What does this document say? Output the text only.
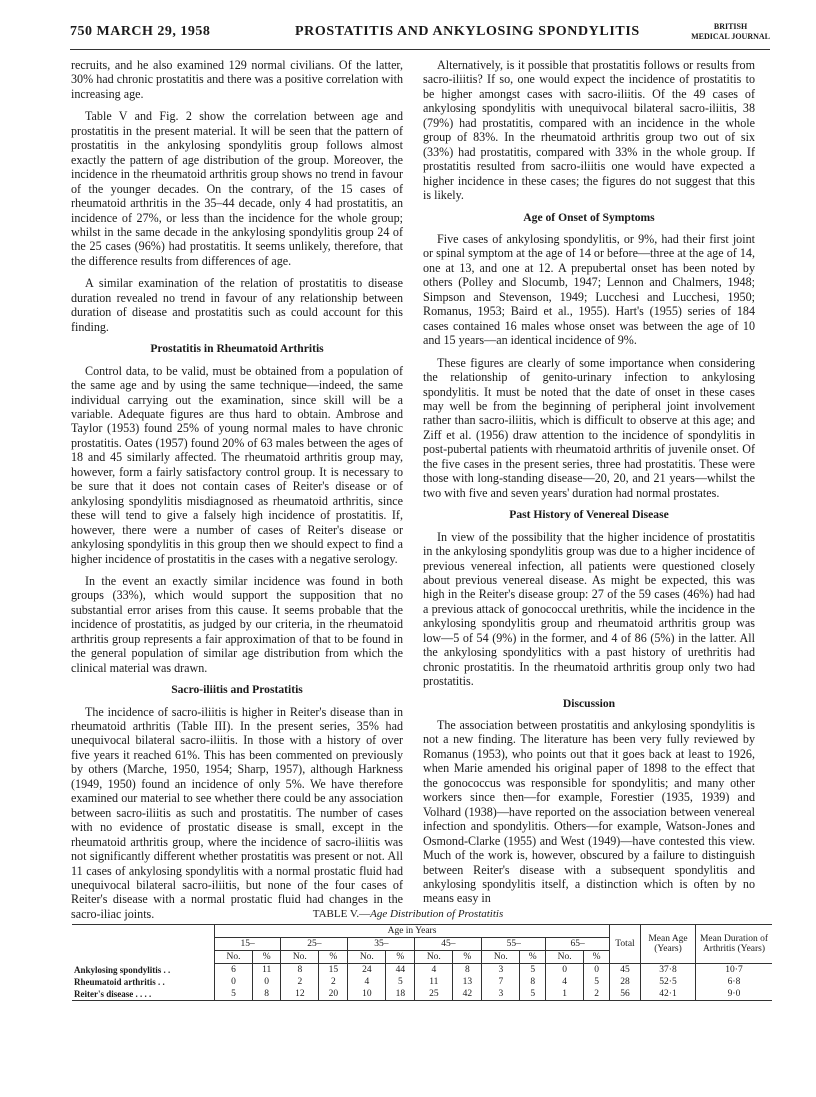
750 MARCH 29, 1958	PROSTATITIS AND ANKYLOSING SPONDYLITIS	BRITISH
MEDICAL JOURNAL

recruits, and he also examined 129 normal civilians. Of the latter, 30% had chronic prostatitis and there was a positive correlation with increasing age.

Table V and Fig. 2 show the correlation between age and prostatitis in the present material. It will be seen that the pattern of prostatitis in the ankylosing spondylitis group follows almost exactly the pattern of age distribution of the group. Moreover, the incidence in the rheumatoid arthritis group shows no trend in favour of the younger decades. On the contrary, of the 15 cases of rheumatoid arthritis in the 35–44 decade, only 4 had prostatitis, an incidence of 27%, or less than the incidence for the whole group; whilst in the same decade in the ankylosing spondylitis group 24 of the 25 cases (96%) had prostatitis. It seems unlikely, therefore, that the difference results from differences of age.

A similar examination of the relation of prostatitis to disease duration revealed no trend in favour of any relationship between duration of disease and prostatitis such as could account for this finding.

Prostatitis in Rheumatoid Arthritis

Control data, to be valid, must be obtained from a population of the same age and by using the same technique—indeed, the same individual carrying out the examination, since skill will be a variable. Adequate figures are thus hard to obtain. Ambrose and Taylor (1953) found 25% of young normal males to have chronic prostatitis. Oates (1957) found 20% of 63 males between the ages of 18 and 45 similarly affected. The rheumatoid arthritis group may, however, form a fairly satisfactory control group. It is necessary to be sure that it does not contain cases of Reiter's disease or of ankylosing spondylitis misdiagnosed as rheumatoid arthritis, since these will tend to give a falsely high incidence of prostatitis. If, however, there were a number of cases of Reiter's disease or ankylosing spondylitis in this group then we should expect to find a higher incidence of prostatitis in the cases with a negative serology.

In the event an exactly similar incidence was found in both groups (33%), which would support the supposition that no substantial error arises from this cause. It seems probable that the incidence of prostatitis, as judged by our criteria, in the rheumatoid arthritis group represents a fair approximation of that to be found in the general population of similar age distribution from which the clinical material was drawn.

Sacro-iliitis and Prostatitis

The incidence of sacro-iliitis is higher in Reiter's disease than in rheumatoid arthritis (Table III). In the present series, 35% had unequivocal bilateral sacro-iliitis. In those with a history of over five years it reached 61%. This has been commented on previously by others (Marche, 1950, 1954; Sharp, 1957), although Harkness (1949, 1950) found an incidence of only 5%. We have therefore examined our material to see whether there could be any association between sacro-iliitis as such and prostatitis. The number of cases with no evidence of prostatic disease is small, except in the rheumatoid arthritis group, where the incidence of sacro-iliitis was not significantly different whether prostatitis was present or not. All 11 cases of ankylosing spondylitis with a normal prostatic fluid had unequivocal bilateral sacro-iliitis, but none of the four cases of Reiter's disease with a normal prostatic fluid had changes in the sacro-iliac joints.

Alternatively, is it possible that prostatitis follows or results from sacro-iliitis? If so, one would expect the incidence of prostatitis to be higher amongst cases with sacro-iliitis. Of the 49 cases of ankylosing spondylitis with unequivocal bilateral sacro-iliitis, 38 (79%) had prostatitis, compared with an incidence in the whole group of 83%. In the rheumatoid arthritis group two out of six (33%) had prostatitis, compared with 33% in the whole group. If prostatitis resulted from sacro-iliitis one would have expected a higher incidence in these cases; the figures do not suggest that this is likely.

Age of Onset of Symptoms

Five cases of ankylosing spondylitis, or 9%, had their first joint or spinal symptom at the age of 14 or before—three at the age of 14, one at 13, and one at 12. A prepubertal onset has been noted by others (Polley and Slocumb, 1947; Lennon and Chalmers, 1948; Simpson and Stevenson, 1949; Lucchesi and Lucchesi, 1950; Romanus, 1953; Baird et al., 1955). Hart's (1955) series of 184 cases contained 16 males whose onset was between the age of 10 and 15 years—an identical incidence of 9%.

These figures are clearly of some importance when considering the relationship of genito-urinary infection to ankylosing spondylitis. It must be noted that the date of onset in these cases may well be from the beginning of peripheral joint involvement rather than sacro-iliitis, which is difficult to observe at this age; and Ziff et al. (1956) draw attention to the incidence of spondylitis in post-pubertal patients with rheumatoid arthritis of juvenile onset. Of the five cases in the present series, three had prostatitis. These were those with long-standing disease—20, 20, and 21 years—whilst the two with five and seven years' duration had normal prostates.

Past History of Venereal Disease

In view of the possibility that the higher incidence of prostatitis in the ankylosing spondylitis group was due to a higher incidence of previous venereal infection, all patients were questioned closely about previous venereal disease. As might be expected, this was high in the Reiter's disease group: 27 of the 59 cases (46%) had had a previous attack of gonococcal urethritis, while the incidence in the ankylosing spondylitis group and rheumatoid arthritis group was low—5 of 54 (9%) in the former, and 4 of 86 (5%) in the latter. All the ankylosing spondylitics with a past history of urethritis had chronic prostatitis. In the rheumatoid arthritis group only two had prostatitis.

Discussion

The association between prostatitis and ankylosing spondylitis is not a new finding. The literature has been very fully reviewed by Romanus (1953), who points out that it goes back at least to 1926, when Marie amended his original paper of 1898 to the effect that the gonococcus was responsible for spondylitis; and many other workers since then—for example, Forestier (1935, 1939) and Volhard (1938)—have reported on the association between venereal infection and spondylitis. Others—for example, Watson-Jones and Osmond-Clarke (1955) and West (1949)—have contested this view. Much of the work is, however, obscured by a failure to distinguish between Reiter's disease with a subsequent spondylitis and ankylosing spondylitis itself, a distinction which is often by no means easy in

TABLE V.—Age Distribution of Prostatitis
	Age in Years												Total	Mean Age (Years)	Mean Duration of Arthritis (Years)
	15–		25–		35–		45–		55–		65–				
	No.	%	No.	%	No.	%	No.	%	No.	%	No.	%			
Ankylosing spondylitis . .	6	11	8	15	24	44	4	8	3	5	0	0	45	37·8	10·7
Rheumatoid arthritis . .	0	0	2	2	4	5	11	13	7	8	4	5	28	52·5	6·8
Reiter's disease . . . .	5	8	12	20	10	18	25	42	3	5	1	2	56	42·1	9·0
